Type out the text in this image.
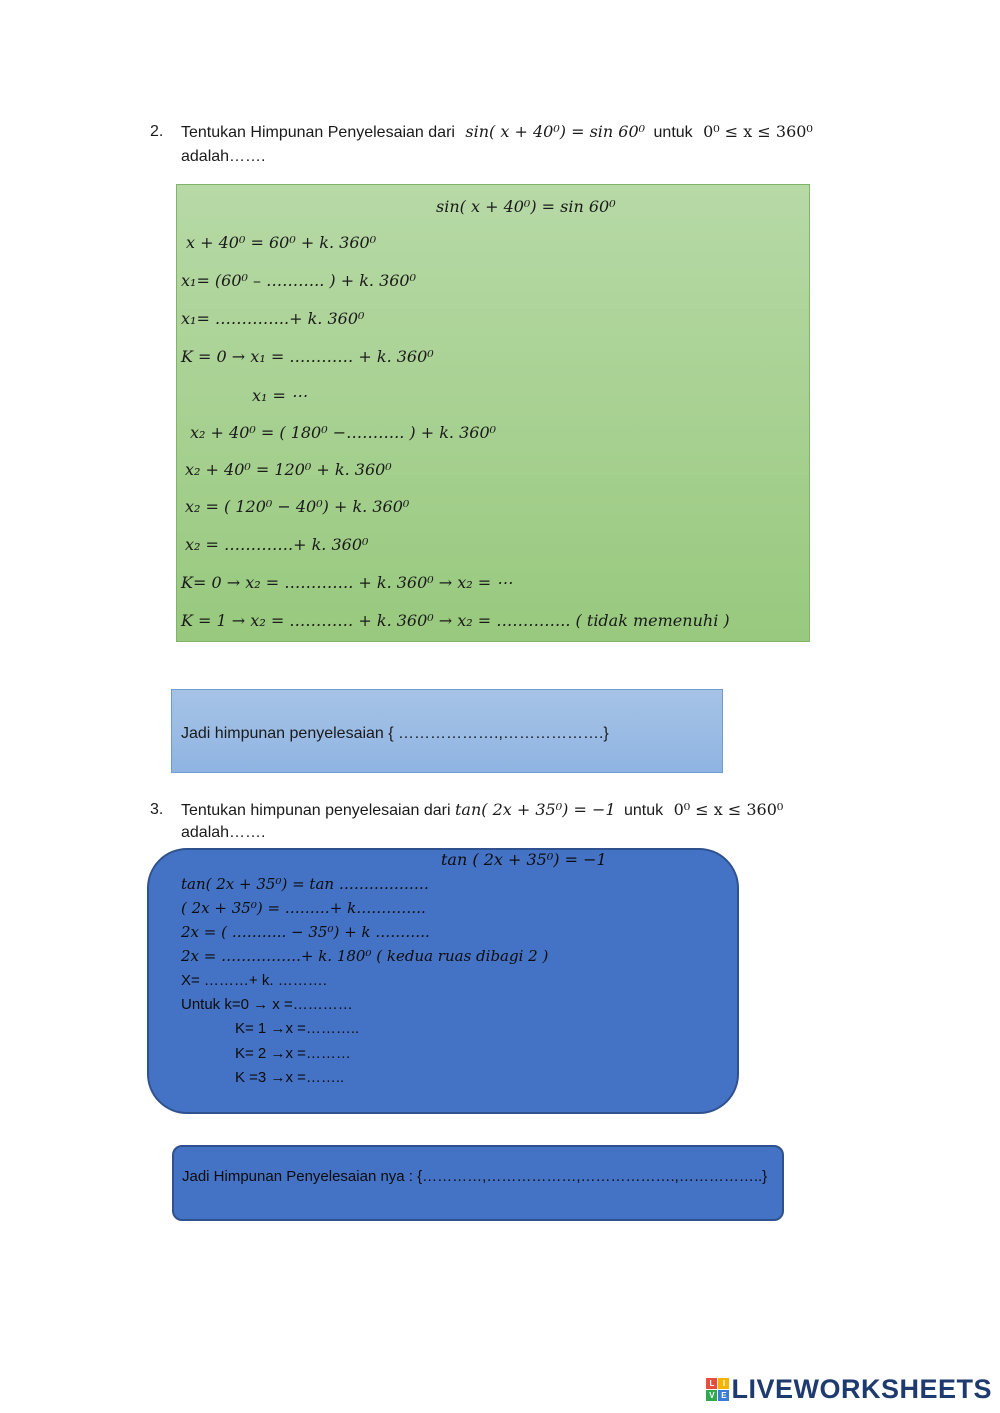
2. Tentukan Himpunan Penyelesaian dari sin( x + 40⁰) = sin 60⁰ untuk 0⁰ ≤ x ≤ 360⁰
adalah…….
sin( x + 40⁰) = sin 60⁰
x + 40⁰ = 60⁰ + k. 360⁰
x₁= (60⁰ – ……….. ) + k. 360⁰
x₁= …………..+ k. 360⁰
K = 0 → x₁ = ………… + k. 360⁰
x₁ = ⋯
x₂ + 40⁰ = ( 180⁰ −……….. ) + k. 360⁰
x₂ + 40⁰ = 120⁰ + k. 360⁰
x₂ = ( 120⁰ − 40⁰) + k. 360⁰
x₂ = ………….+ k. 360⁰
K= 0 → x₂ = …………. + k. 360⁰ → x₂ = ⋯
K = 1 → x₂ = ………… + k. 360⁰ → x₂ = ………….. ( tidak memenuhi )
Jadi himpunan penyelesaian { ……………….,……………….}
3. Tentukan himpunan penyelesaian dari tan( 2x + 35⁰) = −1 untuk 0⁰ ≤ x ≤ 360⁰
adalah…….
tan ( 2x + 35⁰) = −1
tan( 2x + 35⁰) = tan ………………
( 2x + 35⁰) = ………+ k…………..
2x = ( ……….. − 35⁰) + k ………..
2x = …………….+ k. 180⁰ ( kedua ruas dibagi 2 )
X= ………+ k. ……….
Untuk k=0 → x =…………
K= 1 →x =………..
K= 2 →x =………
K =3 →x =……..
Jadi Himpunan Penyelesaian nya : {…………,………………,……………….,……………..}
L	I
V E LIVEWORKSHEETS
